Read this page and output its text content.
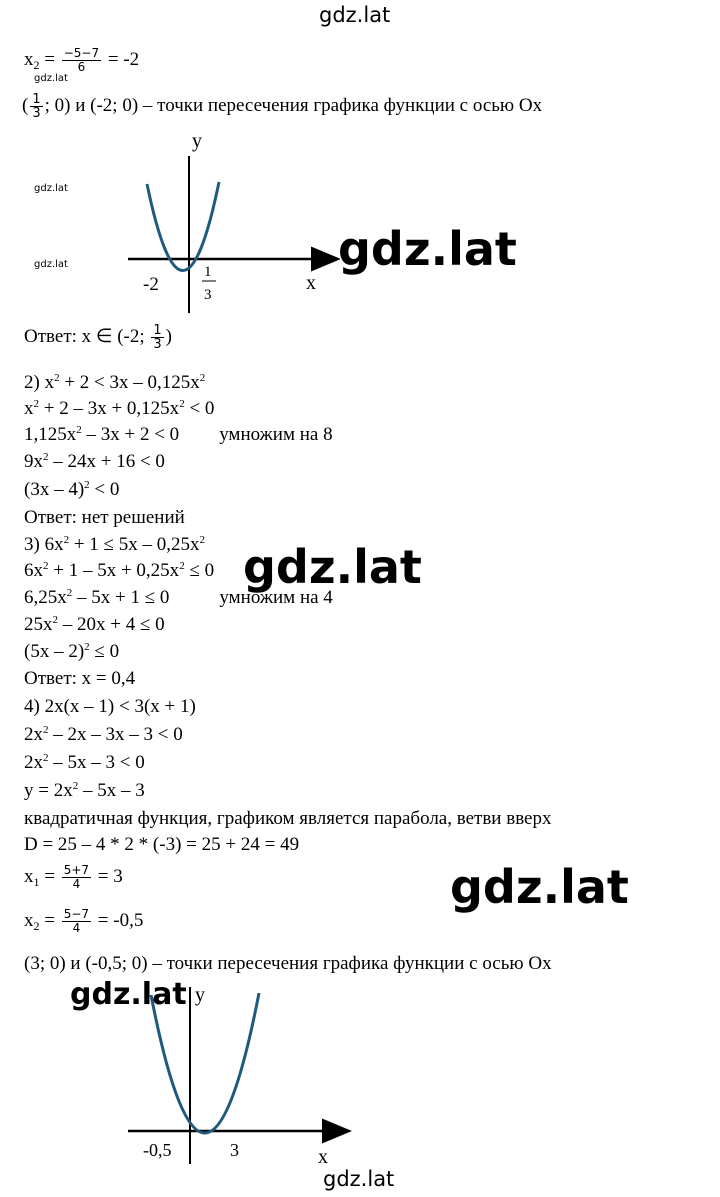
gdz.lat
$x_2 = \frac{-5-7}{6} = -2$
gdz.lat
( $\frac{1}{3}$ ; 0) и (-2; 0) – точки пересечения графика функции с осью Ox
y
x
-2
1
3
gdz.lat
gdz.lat	gdz.lat
Ответ: x ∈ (-2; $\frac{1}{3}$ )
2) $x^2 + 2 < 3x - 0,125x^2$
$x^2 + 2 - 3x + 0,125x^2 < 0$
$1,125x^2 - 3x + 2 < 0$ умножим на 8
$9x^2 - 24x + 16 < 0$
(3x – 4)$^2$ < 0
Ответ: нет решений
3) $6x^2 + 1 \le 5x - 0,25x^2$
$6x^2 + 1 - 5x + 0,25x^2 \le 0$
$6,25x^2 - 5x + 1 \le 0$	умножим на 4
$25x^2 - 20x + 4 \le 0$
(5x – 2)$^2$ ≤ 0
Ответ: x = 0,4
gdz.lat
4) 2x(x – 1) < 3(x + 1)
$2x^2 - 2x - 3x - 3 < 0$
$2x^2 - 5x - 3 < 0$
$y = 2x^2 - 5x - 3$
квадратичная функция, графиком является парабола, ветви вверх
D = 25 – 4 * 2 * (-3) = 25 + 24 = 49
$x_1 = \frac{5+7}{4} = 3$
$x_2 = \frac{5-7}{4} = -0,5$
gdz.lat
(3; 0) и (-0,5; 0) – точки пересечения графика функции с осью Ox
y
x
-0,5	3
gdz.lat
gdz.lat
